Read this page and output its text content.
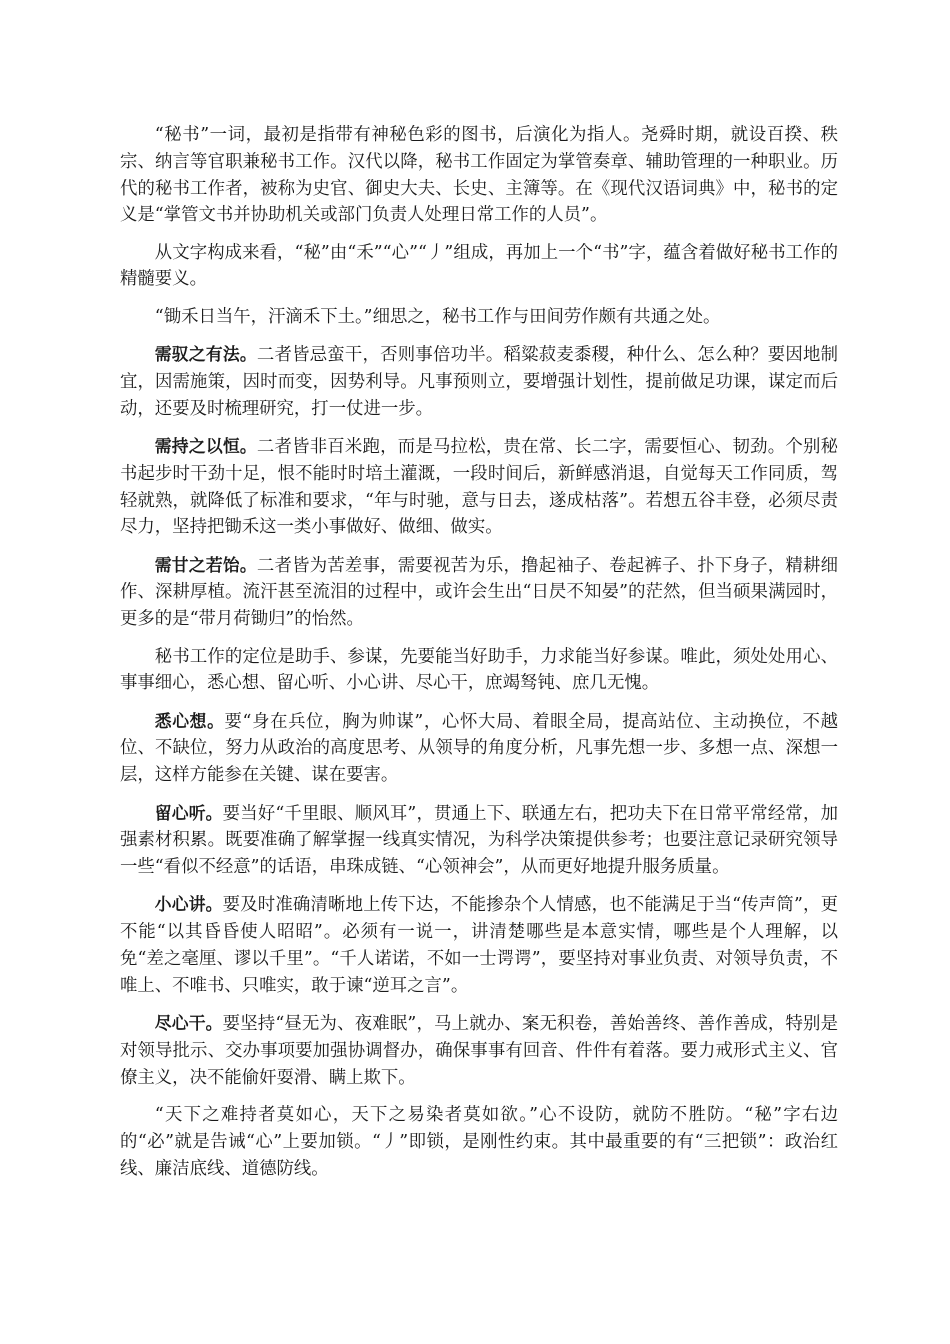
“秘书”一词，最初是指带有神秘色彩的图书，后演化为指人。尧舜时期，就设百揆、秩宗、纳言等官职兼秘书工作。汉代以降，秘书工作固定为掌管奏章、辅助管理的一种职业。历代的秘书工作者，被称为史官、御史大夫、长史、主簿等。在《现代汉语词典》中，秘书的定义是“掌管文书并协助机关或部门负责人处理日常工作的人员”。

从文字构成来看，“秘”由“禾”“心”“丿”组成，再加上一个“书”字，蕴含着做好秘书工作的精髓要义。

“锄禾日当午，汗滴禾下土。”细思之，秘书工作与田间劳作颇有共通之处。

需驭之有法。二者皆忌蛮干，否则事倍功半。稻粱菽麦黍稷，种什么、怎么种？要因地制宜，因需施策，因时而变，因势利导。凡事预则立，要增强计划性，提前做足功课，谋定而后动，还要及时梳理研究，打一仗进一步。

需持之以恒。二者皆非百米跑，而是马拉松，贵在常、长二字，需要恒心、韧劲。个别秘书起步时干劲十足，恨不能时时培土灌溉，一段时间后，新鲜感消退，自觉每天工作同质，驾轻就熟，就降低了标准和要求，“年与时驰，意与日去，遂成枯落”。若想五谷丰登，必须尽责尽力，坚持把锄禾这一类小事做好、做细、做实。

需甘之若饴。二者皆为苦差事，需要视苦为乐，撸起袖子、卷起裤子、扑下身子，精耕细作、深耕厚植。流汗甚至流泪的过程中，或许会生出“日昃不知晏”的茫然，但当硕果满园时，更多的是“带月荷锄归”的怡然。

秘书工作的定位是助手、参谋，先要能当好助手，力求能当好参谋。唯此，须处处用心、事事细心，悉心想、留心听、小心讲、尽心干，庶竭驽钝、庶几无愧。

悉心想。要“身在兵位，胸为帅谋”，心怀大局、着眼全局，提高站位、主动换位，不越位、不缺位，努力从政治的高度思考、从领导的角度分析，凡事先想一步、多想一点、深想一层，这样方能参在关键、谋在要害。

留心听。要当好“千里眼、顺风耳”，贯通上下、联通左右，把功夫下在日常平常经常，加强素材积累。既要准确了解掌握一线真实情况，为科学决策提供参考；也要注意记录研究领导一些“看似不经意”的话语，串珠成链、“心领神会”，从而更好地提升服务质量。

小心讲。要及时准确清晰地上传下达，不能掺杂个人情感，也不能满足于当“传声筒”，更不能“以其昏昏使人昭昭”。必须有一说一，讲清楚哪些是本意实情，哪些是个人理解，以免“差之毫厘、谬以千里”。“千人诺诺，不如一士谔谔”，要坚持对事业负责、对领导负责，不唯上、不唯书、只唯实，敢于谏“逆耳之言”。

尽心干。要坚持“昼无为、夜难眠”，马上就办、案无积卷，善始善终、善作善成，特别是对领导批示、交办事项要加强协调督办，确保事事有回音、件件有着落。要力戒形式主义、官僚主义，决不能偷奸耍滑、瞒上欺下。

“天下之难持者莫如心，天下之易染者莫如欲。”心不设防，就防不胜防。“秘”字右边的“必”就是告诫“心”上要加锁。“丿”即锁，是刚性约束。其中最重要的有“三把锁”：政治红线、廉洁底线、道德防线。
